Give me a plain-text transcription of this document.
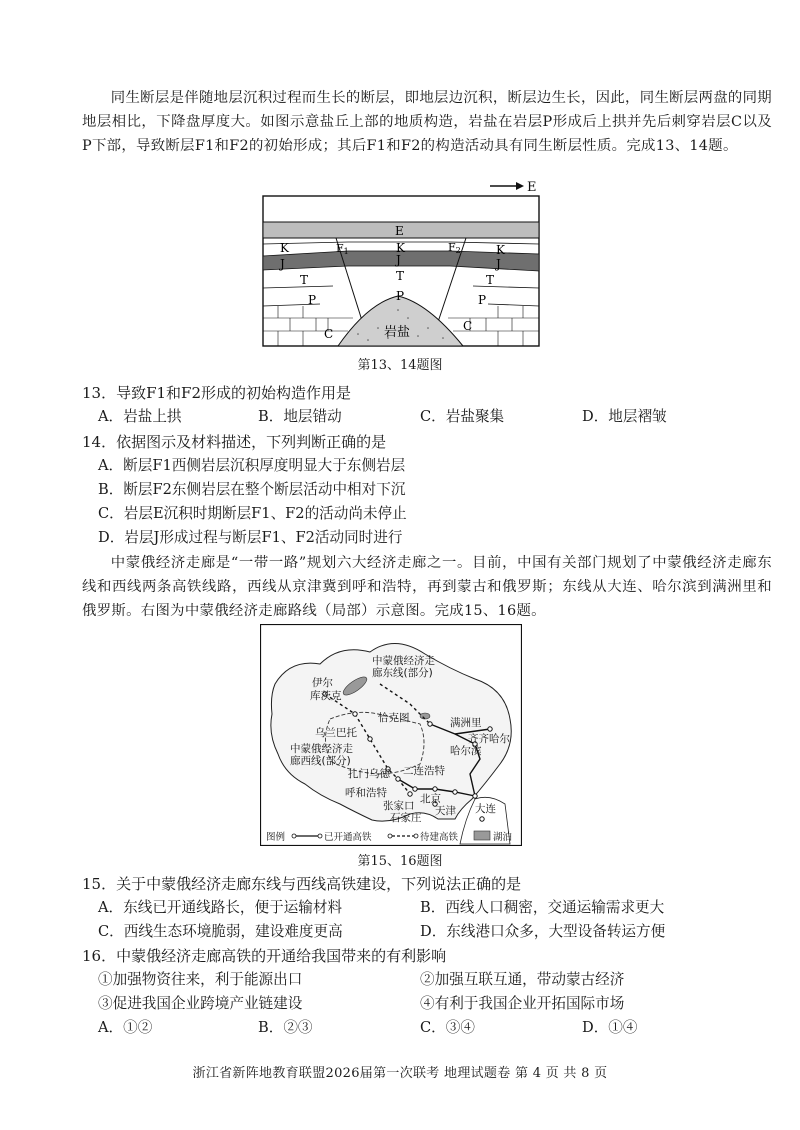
同生断层是伴随地层沉积过程而生长的断层，即地层边沉积，断层边生长，因此，同生断层两盘的同期地层相比，下降盘厚度大。如图示意盐丘上部的地质构造，岩盐在岩层P形成后上拱并先后刺穿岩层C以及P下部，导致断层F1和F2的初始形成；其后F1和F2的构造活动具有同生断层性质。完成13、14题。

E
E
K	K	K
J	J	J
T	T	T
P	P	P
C
C
F1	F2
岩盐
第13、14题图
13．导致F1和F2形成的初始构造作用是
A．岩盐上拱	B．地层错动	C．岩盐聚集	D．地层褶皱
14．依据图示及材料描述，下列判断正确的是
A．断层F1西侧岩层沉积厚度明显大于东侧岩层
B．断层F2东侧岩层在整个断层活动中相对下沉
C．岩层E沉积时期断层F1、F2的活动尚未停止
D．岩层J形成过程与断层F1、F2活动同时进行

中蒙俄经济走廊是“一带一路”规划六大经济走廊之一。目前，中国有关部门规划了中蒙俄经济走廊东线和西线两条高铁线路，西线从京津冀到呼和浩特，再到蒙古和俄罗斯；东线从大连、哈尔滨到满洲里和俄罗斯。右图为中蒙俄经济走廊路线（局部）示意图。完成15、16题。

中蒙俄经济走
廊东线(部分)
伊尔
库茨克
恰克图	满洲里
齐齐哈尔
哈尔滨
乌兰巴托
中蒙俄经济走
廊西线(部分)
扎门乌德 二连浩特
呼和浩特	北京
张家口 天津
石家庄
大连
图例	已开通高铁	待建高铁	湖泊
第15、16题图
15．关于中蒙俄经济走廊东线与西线高铁建设，下列说法正确的是
A．东线已开通线路长，便于运输材料	B．西线人口稠密，交通运输需求更大
C．西线生态环境脆弱，建设难度更高	D．东线港口众多，大型设备转运方便
16．中蒙俄经济走廊高铁的开通给我国带来的有利影响
①加强物资往来，利于能源出口	②加强互联互通，带动蒙古经济
③促进我国企业跨境产业链建设	④有利于我国企业开拓国际市场
A．①②	B．②③	C．③④	D．①④
浙江省新阵地教育联盟2026届第一次联考 地理试题卷 第 4 页 共 8 页
